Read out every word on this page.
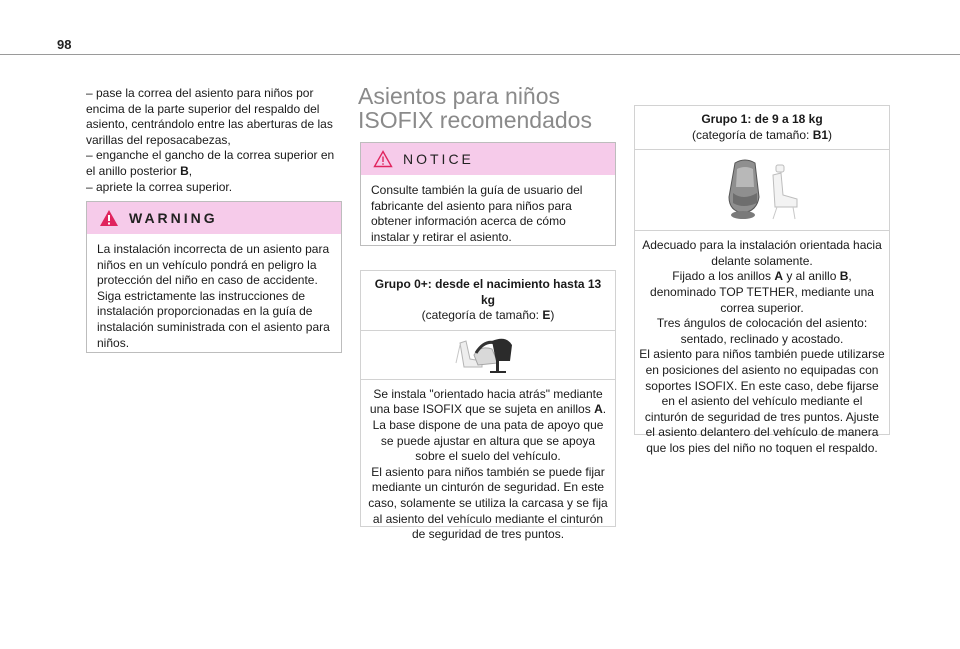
98

– pase la correa del asiento para niños por encima de la parte superior del respaldo del asiento, centrándolo entre las aberturas de las varillas del reposacabezas,

– enganche el gancho de la correa superior en el anillo posterior B,

– apriete la correa superior.

WARNING

La instalación incorrecta de un asiento para niños en un vehículo pondrá en peligro la protección del niño en caso de accidente.

Siga estrictamente las instrucciones de instalación proporcionadas en la guía de instalación suministrada con el asiento para niños.

Asientos para niños ISOFIX recomendados
NOTICE

Consulte también la guía de usuario del fabricante del asiento para niños para obtener información acerca de cómo instalar y retirar el asiento.

Grupo 0+: desde el nacimiento hasta 13 kg
(categoría de tamaño: E)

Se instala "orientado hacia atrás" mediante una base ISOFIX que se sujeta en anillos A.

La base dispone de una pata de apoyo que se puede ajustar en altura que se apoya sobre el suelo del vehículo.

El asiento para niños también se puede fijar mediante un cinturón de seguridad. En este caso, solamente se utiliza la carcasa y se fija al asiento del vehículo mediante el cinturón de seguridad de tres puntos.

Grupo 1: de 9 a 18 kg
(categoría de tamaño: B1)

Adecuado para la instalación orientada hacia delante solamente.

Fijado a los anillos A y al anillo B, denominado TOP TETHER, mediante una correa superior.

Tres ángulos de colocación del asiento: sentado, reclinado y acostado.

El asiento para niños también puede utilizarse en posiciones del asiento no equipadas con soportes ISOFIX. En este caso, debe fijarse en el asiento del vehículo mediante el cinturón de seguridad de tres puntos. Ajuste el asiento delantero del vehículo de manera que los pies del niño no toquen el respaldo.
